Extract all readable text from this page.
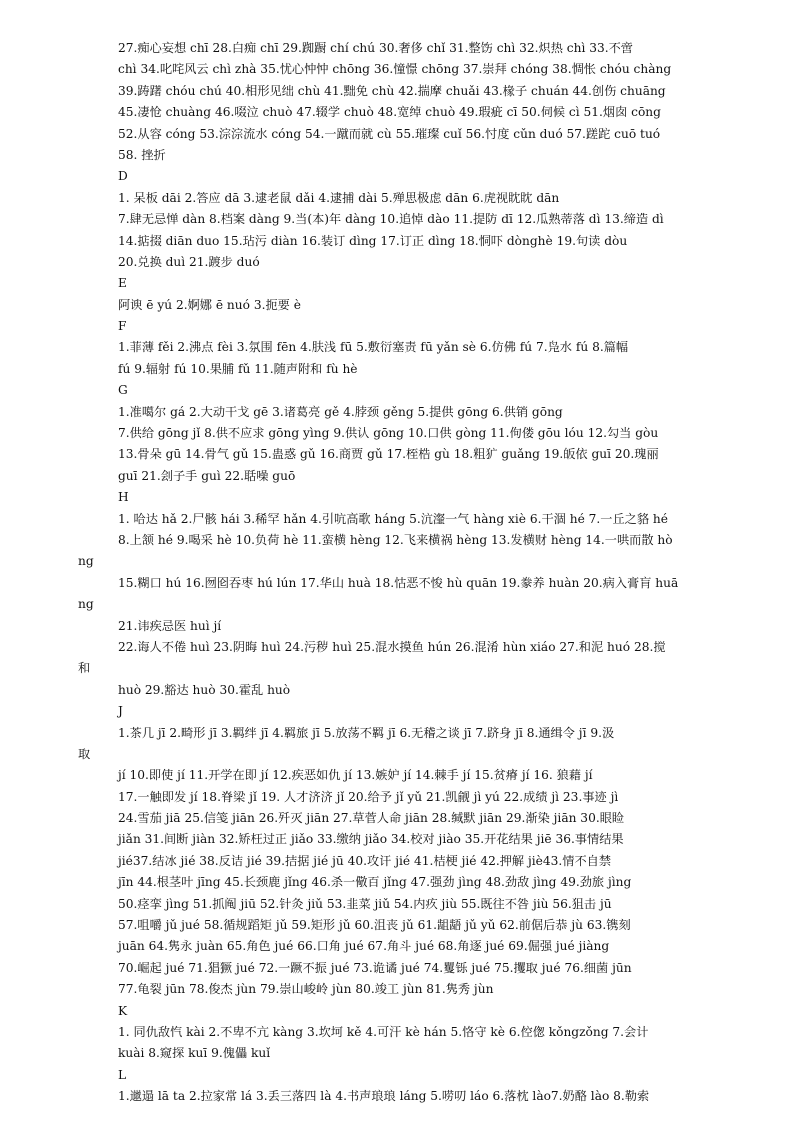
27.痴心妄想 chī 28.白痴 chī 29.踟蹰 chí chú 30.奢侈 chǐ 31.整饬 chì 32.炽热 chì 33.不啻
chì 34.叱咤风云 chì zhà 35.忧心忡忡 chōng 36.憧憬 chōng 37.崇拜 chóng 38.惆怅 chóu chàng
39.踌躇 chóu chú 40.相形见绌 chù 41.黜免 chù 42.揣摩 chuǎi 43.椽子 chuán 44.创伤 chuāng
45.凄怆 chuàng 46.啜泣 chuò 47.辍学 chuò 48.宽绰 chuò 49.瑕疵 cī 50.伺候 cì 51.烟囱 cōng
52.从容 cóng 53.淙淙流水 cóng 54.一蹴而就 cù 55.璀璨 cuǐ 56.忖度 cǔn duó 57.蹉跎 cuō tuó
58. 挫折
D
1. 呆板 dāi 2.答应 dā 3.逮老鼠 dǎi 4.逮捕 dài 5.殚思极虑 dān 6.虎视眈眈 dān
7.肆无忌惮 dàn 8.档案 dàng 9.当(本)年 dàng 10.追悼 dào 11.提防 dī 12.瓜熟蒂落 dì 13.缔造 dì
14.掂掇 diān duo 15.玷污 diàn 16.装订 dìng 17.订正 dìng 18.恫吓 dònghè 19.句读 dòu
20.兑换 duì 21.踱步 duó
E
阿谀 ē yú 2.婀娜 ē nuó 3.扼要 è
F
1.菲薄 fěi 2.沸点 fèi 3.氛围 fēn 4.肤浅 fū 5.敷衍塞责 fū yǎn sè 6.仿佛 fú 7.凫水 fú 8.篇幅
fú 9.辐射 fú 10.果脯 fǔ 11.随声附和 fù hè
G
1.准噶尔 gá 2.大动干戈 gē 3.诸葛亮 gě 4.脖颈 gěng 5.提供 gōng 6.供销 gōng
7.供给 gōng jǐ 8.供不应求 gōng yìng 9.供认 gōng 10.口供 gòng 11.佝偻 gōu lóu 12.勾当 gòu
13.骨朵 gū 14.骨气 gǔ 15.蛊惑 gǔ 16.商贾 gǔ 17.桎梏 gù 18.粗犷 guǎng 19.皈依 guī 20.瑰丽
guī 21.刽子手 guì 22.聒噪 guō
H
1. 哈达 hǎ 2.尸骸 hái 3.稀罕 hǎn 4.引吭高歌 háng 5.沆瀣一气 hàng xiè 6.干涸 hé 7.一丘之貉 hé
8.上颔 hé 9.喝采 hè 10.负荷 hè 11.蛮横 hèng 12.飞来横祸 hèng 13.发横财 hèng 14.一哄而散 hò
ng
15.糊口 hú 16.囫囵吞枣 hú lún 17.华山 huà 18.怙恶不悛 hù quān 19.豢养 huàn 20.病入膏肓 huā
ng
21.讳疾忌医 huì jí
22.诲人不倦 huì 23.阴晦 huì 24.污秽 huì 25.混水摸鱼 hún 26.混淆 hùn xiáo 27.和泥 huó 28.搅
和
huò 29.豁达 huò 30.霍乱 huò
J
1.茶几 jī 2.畸形 jī 3.羁绊 jī 4.羁旅 jī 5.放荡不羁 jī 6.无稽之谈 jī 7.跻身 jī 8.通缉令 jī 9.汲
取
jí 10.即使 jí 11.开学在即 jí 12.疾恶如仇 jí 13.嫉妒 jí 14.棘手 jí 15.贫瘠 jí 16. 狼藉 jí
17.一触即发 jí 18.脊梁 jǐ 19. 人才济济 jǐ 20.给予 jǐ yǔ 21.凯觎 jì yú 22.成绩 jì 23.事迹 jì
24.雪茄 jiā 25.信笺 jiān 26.歼灭 jiān 27.草菅人命 jiān 28.缄默 jiān 29.渐染 jiān 30.眼睑
jiǎn 31.间断 jiàn 32.矫枉过正 jiǎo 33.缴纳 jiǎo 34.校对 jiào 35.开花结果 jiē 36.事情结果
jié37.结冰 jié 38.反诘 jié 39.拮据 jié jū 40.攻讦 jié 41.桔梗 jié 42.押解 jiè43.情不自禁
jīn 44.根茎叶 jīng 45.长颈鹿 jǐng 46.杀一儆百 jǐng 47.强劲 jìng 48.劲敌 jìng 49.劲旅 jìng
50.痉挛 jìng 51.抓阄 jiū 52.针灸 jiǔ 53.韭菜 jiǔ 54.内疚 jiù 55.既往不咎 jiù 56.狙击 jū
57.咀嚼 jǔ jué 58.循规蹈矩 jǔ 59.矩形 jǔ 60.沮丧 jǔ 61.龃龉 jǔ yǔ 62.前倨后恭 jù 63.镌刻
juān 64.隽永 juàn 65.角色 jué 66.口角 jué 67.角斗 jué 68.角逐 jué 69.倔强 jué jiàng
70.崛起 jué 71.猖獗 jué 72.一蹶不振 jué 73.诡谲 jué 74.矍铄 jué 75.攫取 jué 76.细菌 jūn
77.龟裂 jūn 78.俊杰 jùn 79.崇山峻岭 jùn 80.竣工 jùn 81.隽秀 jùn
K
1. 同仇敌忾 kài 2.不卑不亢 kàng 3.坎坷 kě 4.可汗 kè hán 5.恪守 kè 6.倥偬 kǒngzǒng 7.会计
kuài 8.窥探 kuī 9.傀儡 kuǐ
L
1.邋遢 lā ta 2.拉家常 lá 3.丢三落四 là 4.书声琅琅 láng 5.唠叨 láo 6.落枕 lào7.奶酪 lào 8.勒索
